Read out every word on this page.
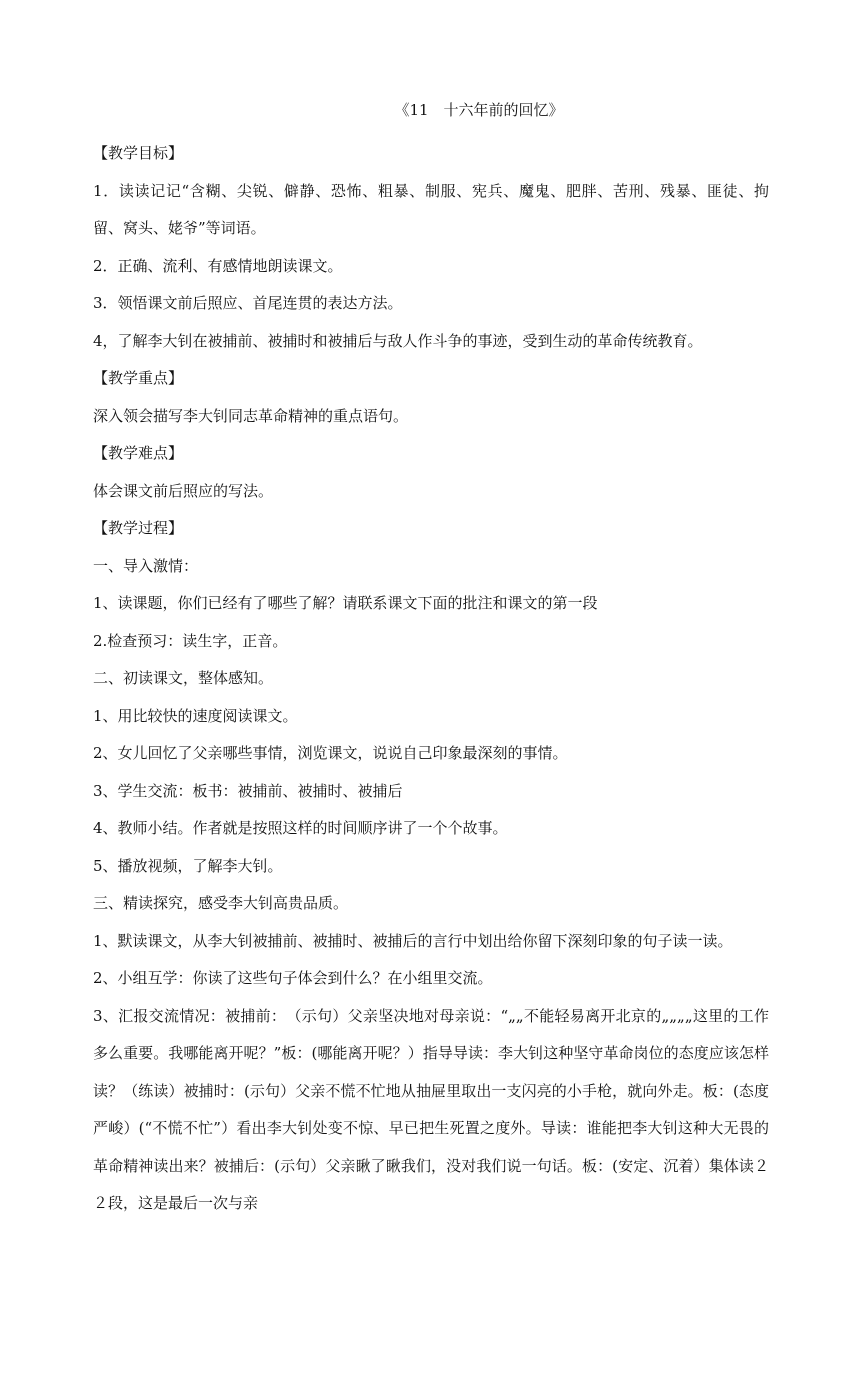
《11　十六年前的回忆》

【教学目标】

1．读读记记“含糊、尖锐、僻静、恐怖、粗暴、制服、宪兵、魔鬼、肥胖、苦刑、残暴、匪徒、拘留、窝头、姥爷”等词语。

2．正确、流利、有感情地朗读课文。

3．领悟课文前后照应、首尾连贯的表达方法。

4，了解李大钊在被捕前、被捕时和被捕后与敌人作斗争的事迹，受到生动的革命传统教育。

【教学重点】

深入领会描写李大钊同志革命精神的重点语句。

【教学难点】

体会课文前后照应的写法。

【教学过程】

一、导入激情：

1、读课题，你们已经有了哪些了解？请联系课文下面的批注和课文的第一段

2.检查预习：读生字，正音。

二、初读课文，整体感知。

1、用比较快的速度阅读课文。

2、女儿回忆了父亲哪些事情，浏览课文，说说自己印象最深刻的事情。

3、学生交流：板书：被捕前、被捕时、被捕后

4、教师小结。作者就是按照这样的时间顺序讲了一个个故事。

5、播放视频，了解李大钊。

三、精读探究，感受李大钊高贵品质。

1、默读课文，从李大钊被捕前、被捕时、被捕后的言行中划出给你留下深刻印象的句子读一读。

2、小组互学：你读了这些句子体会到什么？在小组里交流。

3、汇报交流情况：被捕前：　（示句）父亲坚决地对母亲说：“„„不能轻易离开北京的„„„„这里的工作多么重要。我哪能离开呢？”板：(哪能离开呢？）指导导读：李大钊这种坚守革命岗位的态度应该怎样读？（练读）被捕时：(示句）父亲不慌不忙地从抽屉里取出一支闪亮的小手枪，就向外走。板：(态度严峻）(“不慌不忙”）看出李大钊处变不惊、早已把生死置之度外。导读：谁能把李大钊这种大无畏的革命精神读出来？被捕后：(示句）父亲瞅了瞅我们，没对我们说一句话。板：(安定、沉着）集体读２２段，这是最后一次与亲
